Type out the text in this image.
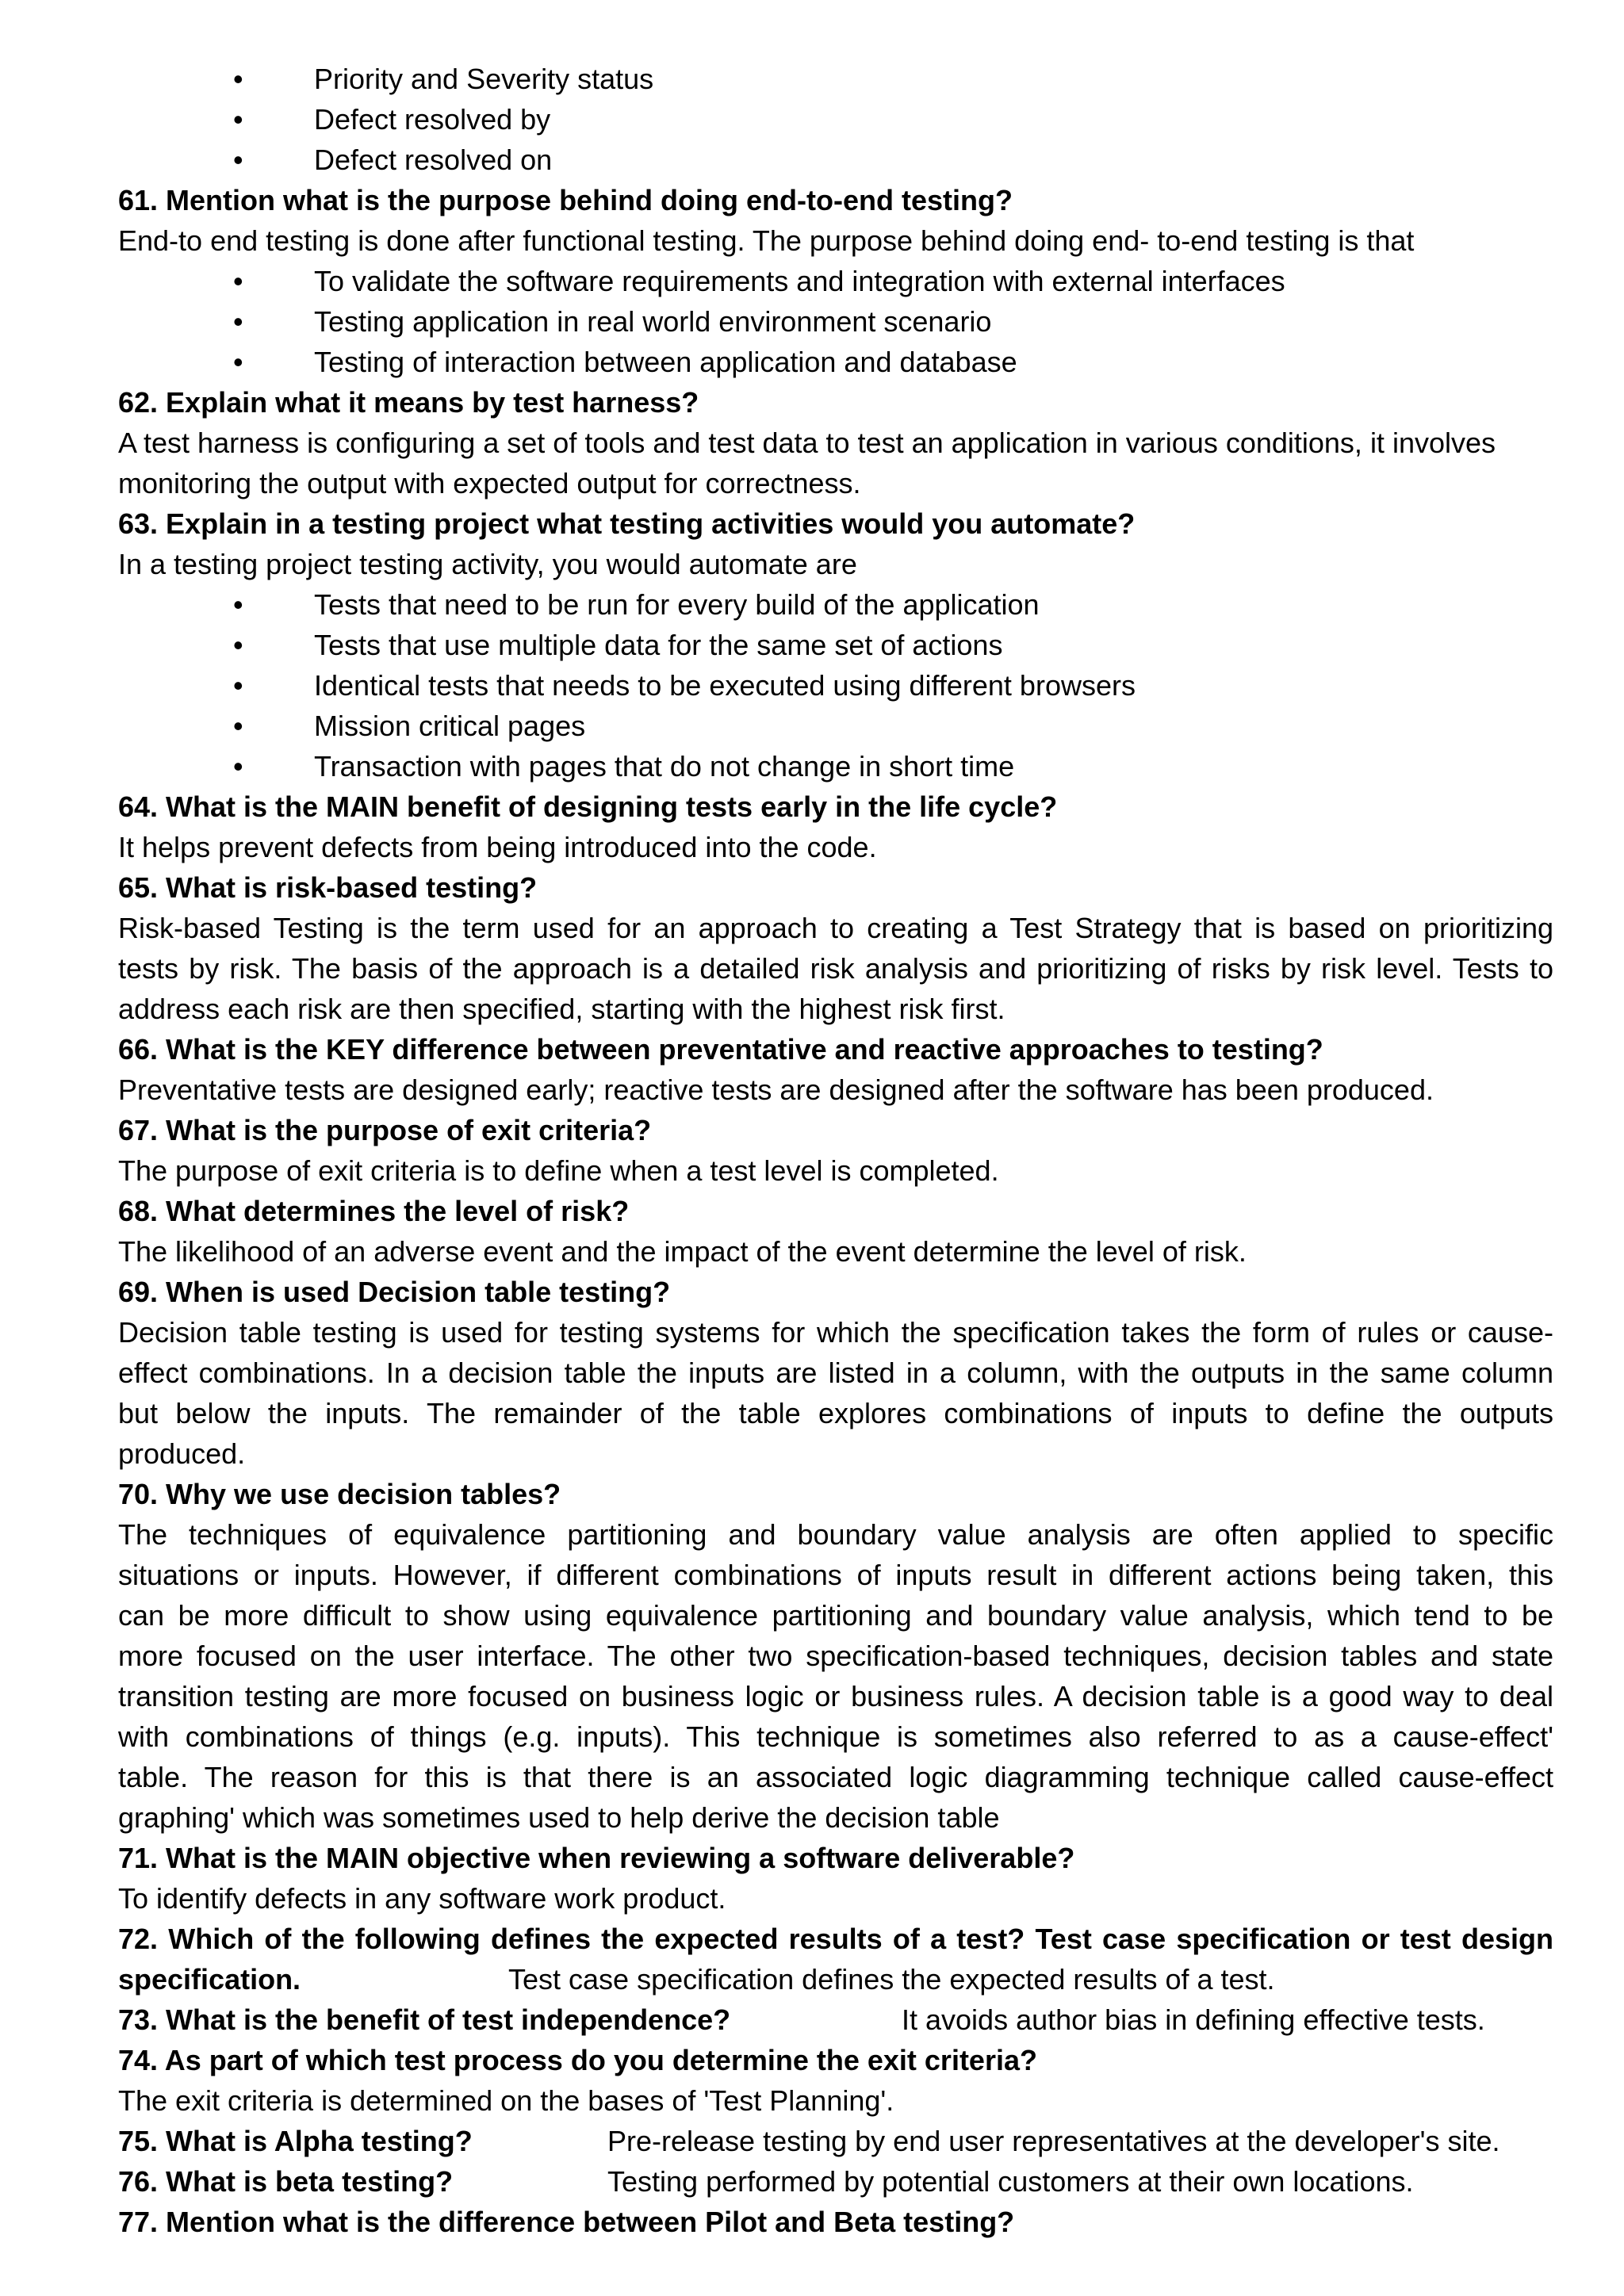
• Priority and Severity status
• Defect resolved by
• Defect resolved on
61. Mention what is the purpose behind doing end-to-end testing?
End-to end testing is done after functional testing. The purpose behind doing end- to-end testing is that
• To validate the software requirements and integration with external interfaces
• Testing application in real world environment scenario
• Testing of interaction between application and database
62. Explain what it means by test harness?
A test harness is configuring a set of tools and test data to test an application in various conditions, it involves
monitoring the output with expected output for correctness.
63. Explain in a testing project what testing activities would you automate?
In a testing project testing activity, you would automate are
• Tests that need to be run for every build of the application
• Tests that use multiple data for the same set of actions
• Identical tests that needs to be executed using different browsers
• Mission critical pages
• Transaction with pages that do not change in short time
64. What is the MAIN benefit of designing tests early in the life cycle?
It helps prevent defects from being introduced into the code.
65. What is risk-based testing?
Risk-based Testing is the term used for an approach to creating a Test Strategy that is based on prioritizing
tests by risk. The basis of the approach is a detailed risk analysis and prioritizing of risks by risk level. Tests to
address each risk are then specified, starting with the highest risk first.
66. What is the KEY difference between preventative and reactive approaches to testing?
Preventative tests are designed early; reactive tests are designed after the software has been produced.
67. What is the purpose of exit criteria?
The purpose of exit criteria is to define when a test level is completed.
68. What determines the level of risk?
The likelihood of an adverse event and the impact of the event determine the level of risk.
69. When is used Decision table testing?
Decision table testing is used for testing systems for which the specification takes the form of rules or cause-
effect combinations. In a decision table the inputs are listed in a column, with the outputs in the same column
but below the inputs. The remainder of the table explores combinations of inputs to define the outputs
produced.
70. Why we use decision tables?
The techniques of equivalence partitioning and boundary value analysis are often applied to specific
situations or inputs. However, if different combinations of inputs result in different actions being taken, this
can be more difficult to show using equivalence partitioning and boundary value analysis, which tend to be
more focused on the user interface. The other two specification-based techniques, decision tables and state
transition testing are more focused on business logic or business rules. A decision table is a good way to deal
with combinations of things (e.g. inputs). This technique is sometimes also referred to as a cause-effect'
table. The reason for this is that there is an associated logic diagramming technique called cause-effect
graphing' which was sometimes used to help derive the decision table
71. What is the MAIN objective when reviewing a software deliverable?
To identify defects in any software work product.
72. Which of the following defines the expected results of a test? Test case specification or test design
specification.	Test case specification defines the expected results of a test.

73. What is the benefit of test independence?	It avoids author bias in defining effective tests.

74. As part of which test process do you determine the exit criteria?
The exit criteria is determined on the bases of 'Test Planning'.
75. What is Alpha testing?	Pre-release testing by end user representatives at the developer's site.

76. What is beta testing?	Testing performed by potential customers at their own locations.

77. Mention what is the difference between Pilot and Beta testing?
